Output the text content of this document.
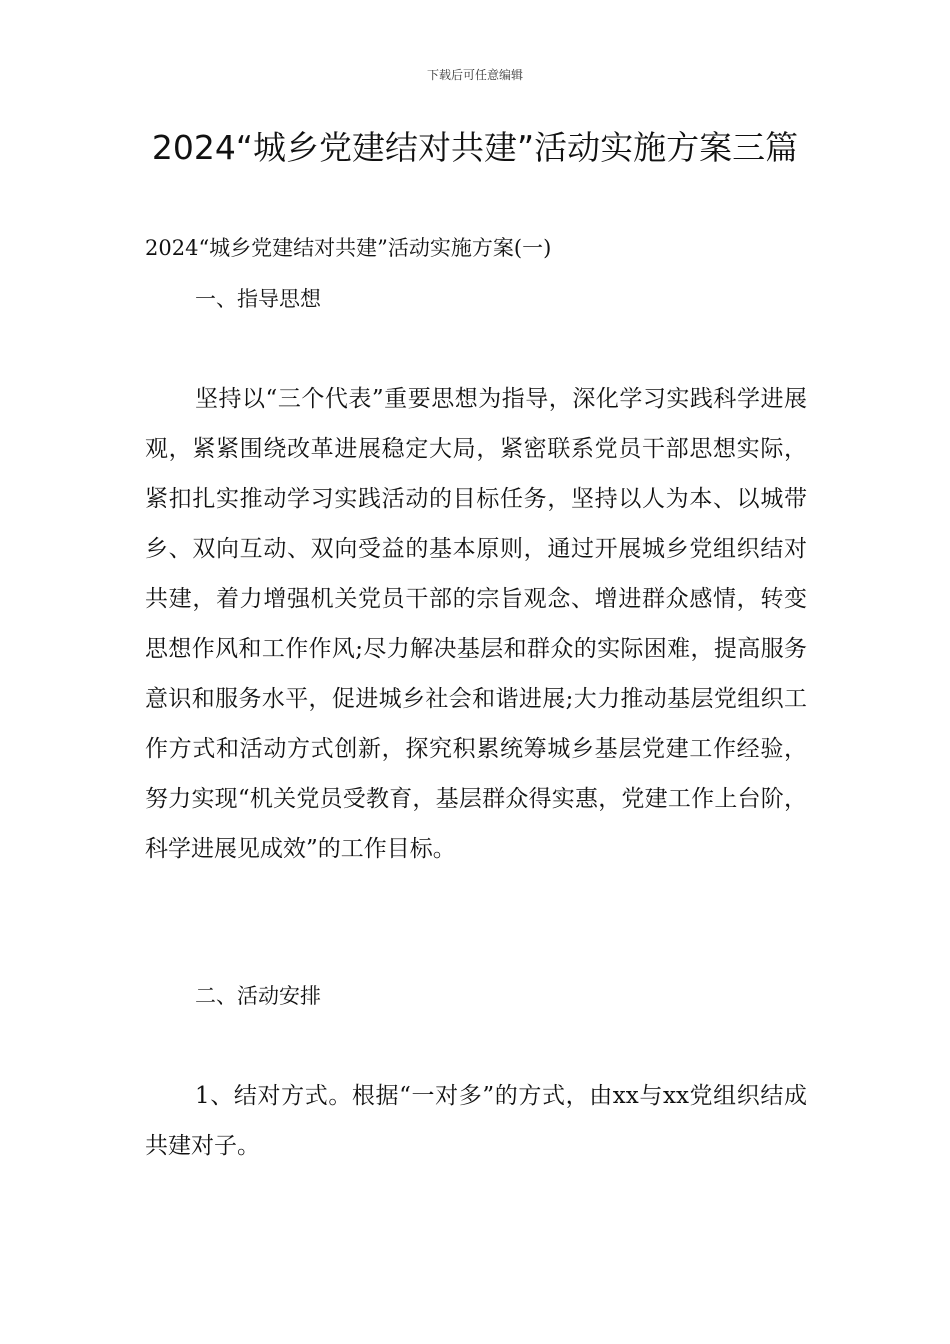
下载后可任意编辑
2024“城乡党建结对共建”活动实施方案三篇
2024“城乡党建结对共建”活动实施方案(一)
一、指导思想

坚持以“三个代表”重要思想为指导，深化学习实践科学进展观，紧紧围绕改革进展稳定大局，紧密联系党员干部思想实际，紧扣扎实推动学习实践活动的目标任务，坚持以人为本、以城带乡、双向互动、双向受益的基本原则，通过开展城乡党组织结对共建，着力增强机关党员干部的宗旨观念、增进群众感情，转变思想作风和工作作风;尽力解决基层和群众的实际困难，提高服务意识和服务水平，促进城乡社会和谐进展;大力推动基层党组织工作方式和活动方式创新，探究积累统筹城乡基层党建工作经验，努力实现“机关党员受教育，基层群众得实惠，党建工作上台阶，科学进展见成效”的工作目标。

二、活动安排

1、结对方式。根据“一对多”的方式，由xx与xx党组织结成共建对子。
